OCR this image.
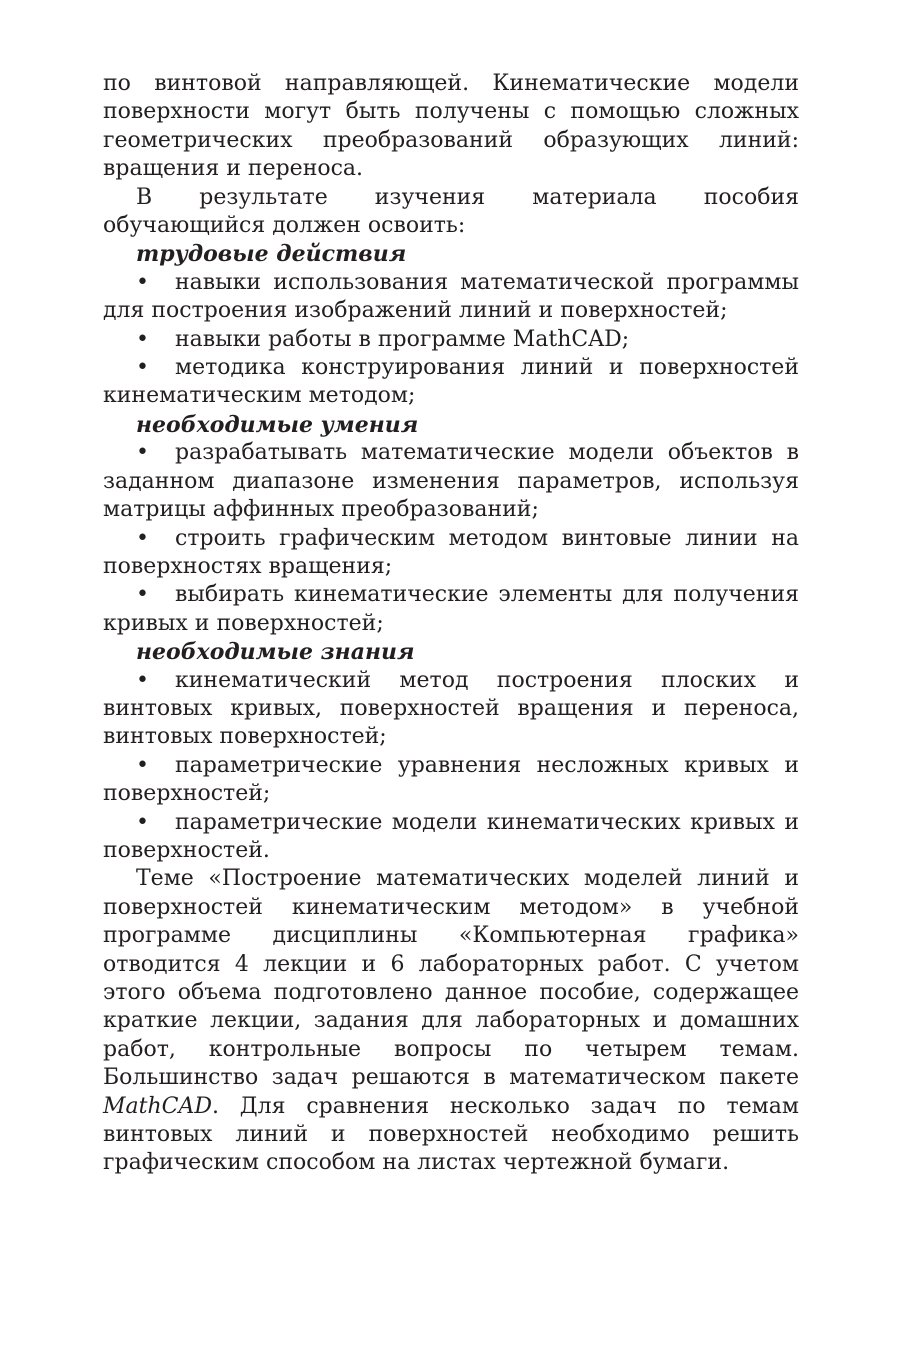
по винтовой направляющей. Кинематические модели поверхности могут быть получены с помощью сложных геометрических преобразований образующих линий: вращения и переноса.

В результате изучения материала пособия обучающийся должен освоить:

трудовые действия

• навыки использования математической программы для построения изображений линий и поверхностей;

• навыки работы в программе MathCAD;

• методика конструирования линий и поверхностей кинематическим методом;

необходимые умения

• разрабатывать математические модели объектов в заданном диапазоне изменения параметров, используя матрицы аффинных преобразований;

• строить графическим методом винтовые линии на поверхностях вращения;

• выбирать кинематические элементы для получения кривых и поверхностей;

необходимые знания

• кинематический метод построения плоских и винтовых кривых, поверхностей вращения и переноса, винтовых поверхностей;

• параметрические уравнения несложных кривых и поверхностей;

• параметрические модели кинематических кривых и поверхностей.

Теме «Построение математических моделей линий и поверхностей кинематическим методом» в учебной программе дисциплины «Компьютерная графика» отводится 4 лекции и 6 лабораторных работ. С учетом этого объема подготовлено данное пособие, содержащее краткие лекции, задания для лабораторных и домашних работ, контрольные вопросы по четырем темам. Большинство задач решаются в математическом пакете MathCAD. Для сравнения несколько задач по темам винтовых линий и поверхностей необходимо решить графическим способом на листах чертежной бумаги.
